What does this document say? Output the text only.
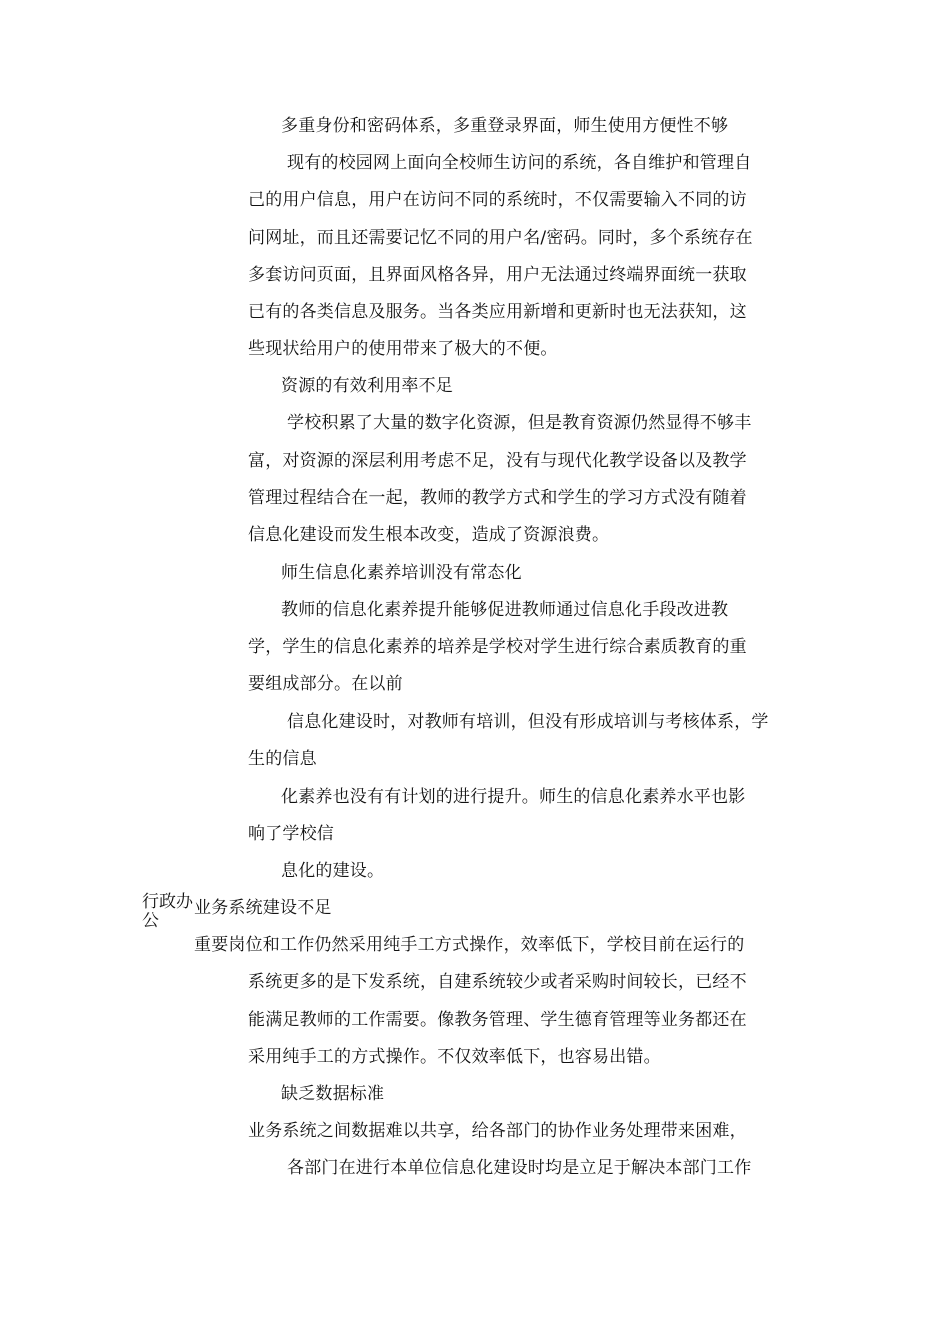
多重身份和密码体系，多重登录界面，师生使用方便性不够
现有的校园网上面向全校师生访问的系统，各自维护和管理自
己的用户信息，用户在访问不同的系统时，不仅需要输入不同的访
问网址，而且还需要记忆不同的用户名/密码。同时，多个系统存在
多套访问页面，且界面风格各异，用户无法通过终端界面统一获取
已有的各类信息及服务。当各类应用新增和更新时也无法获知，这
些现状给用户的使用带来了极大的不便。
资源的有效利用率不足
学校积累了大量的数字化资源，但是教育资源仍然显得不够丰
富，对资源的深层利用考虑不足，没有与现代化教学设备以及教学
管理过程结合在一起，教师的教学方式和学生的学习方式没有随着
信息化建设而发生根本改变，造成了资源浪费。
师生信息化素养培训没有常态化
教师的信息化素养提升能够促进教师通过信息化手段改进教
学，学生的信息化素养的培养是学校对学生进行综合素质教育的重
要组成部分。在以前
信息化建设时，对教师有培训，但没有形成培训与考核体系，学
生的信息
化素养也没有有计划的进行提升。师生的信息化素养水平也影
响了学校信
息化的建设。
行政办公
业务系统建设不足
重要岗位和工作仍然采用纯手工方式操作，效率低下，学校目前在运行的
系统更多的是下发系统，自建系统较少或者采购时间较长，已经不
能满足教师的工作需要。像教务管理、学生德育管理等业务都还在
采用纯手工的方式操作。不仅效率低下，也容易出错。
缺乏数据标准
业务系统之间数据难以共享，给各部门的协作业务处理带来困难，
各部门在进行本单位信息化建设时均是立足于解决本部门工作
